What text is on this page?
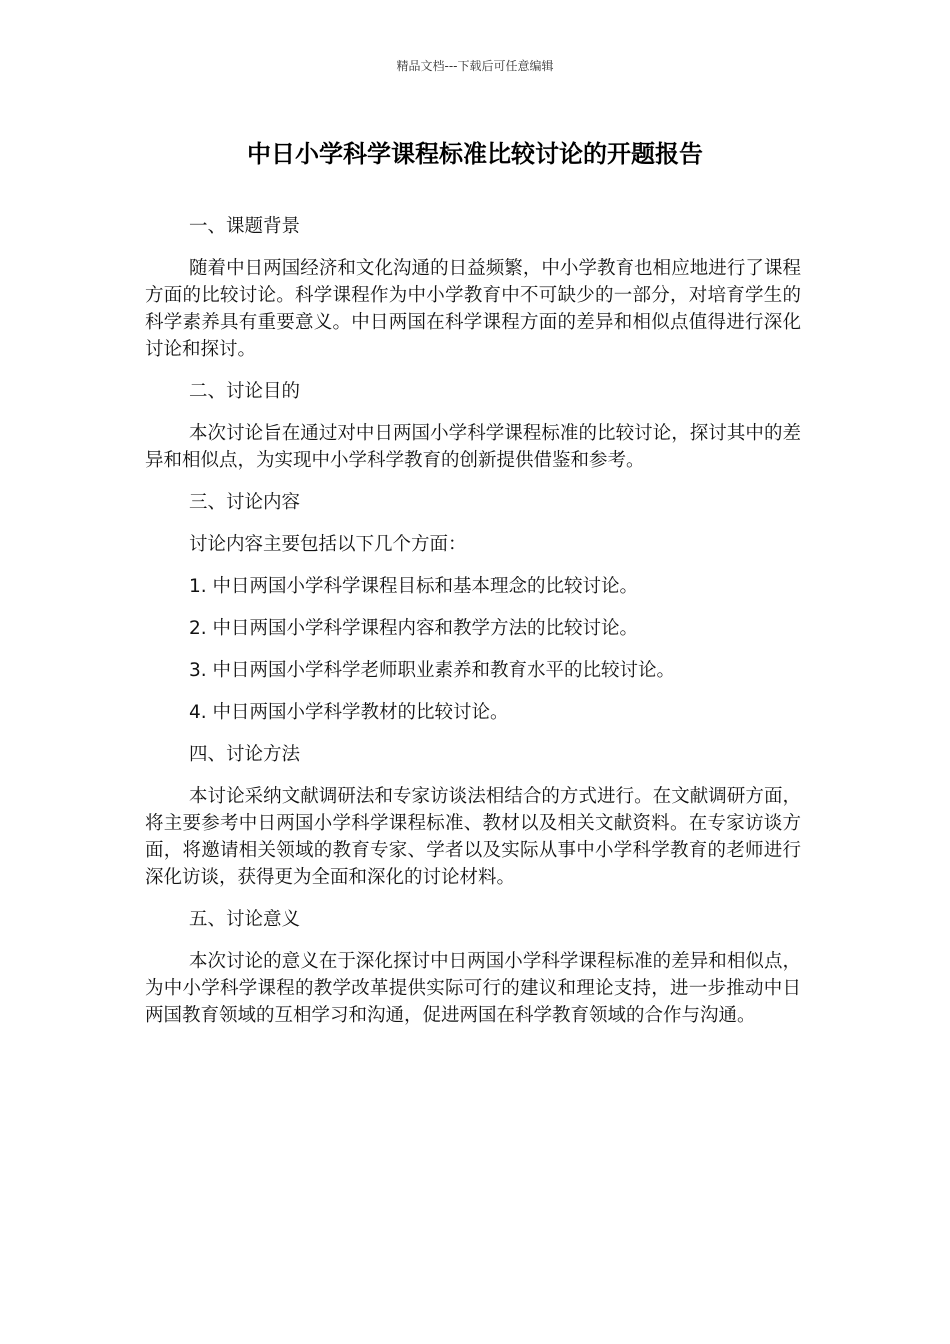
精品文档---下载后可任意编辑
中日小学科学课程标准比较讨论的开题报告
一、课题背景

随着中日两国经济和文化沟通的日益频繁，中小学教育也相应地进行了课程方面的比较讨论。科学课程作为中小学教育中不可缺少的一部分，对培育学生的科学素养具有重要意义。中日两国在科学课程方面的差异和相似点值得进行深化讨论和探讨。

二、讨论目的

本次讨论旨在通过对中日两国小学科学课程标准的比较讨论，探讨其中的差异和相似点，为实现中小学科学教育的创新提供借鉴和参考。

三、讨论内容
讨论内容主要包括以下几个方面：
1. 中日两国小学科学课程目标和基本理念的比较讨论。
2. 中日两国小学科学课程内容和教学方法的比较讨论。
3. 中日两国小学科学老师职业素养和教育水平的比较讨论。
4. 中日两国小学科学教材的比较讨论。
四、讨论方法

本讨论采纳文献调研法和专家访谈法相结合的方式进行。在文献调研方面，将主要参考中日两国小学科学课程标准、教材以及相关文献资料。在专家访谈方面，将邀请相关领域的教育专家、学者以及实际从事中小学科学教育的老师进行深化访谈，获得更为全面和深化的讨论材料。

五、讨论意义

本次讨论的意义在于深化探讨中日两国小学科学课程标准的差异和相似点，为中小学科学课程的教学改革提供实际可行的建议和理论支持，进一步推动中日两国教育领域的互相学习和沟通，促进两国在科学教育领域的合作与沟通。
